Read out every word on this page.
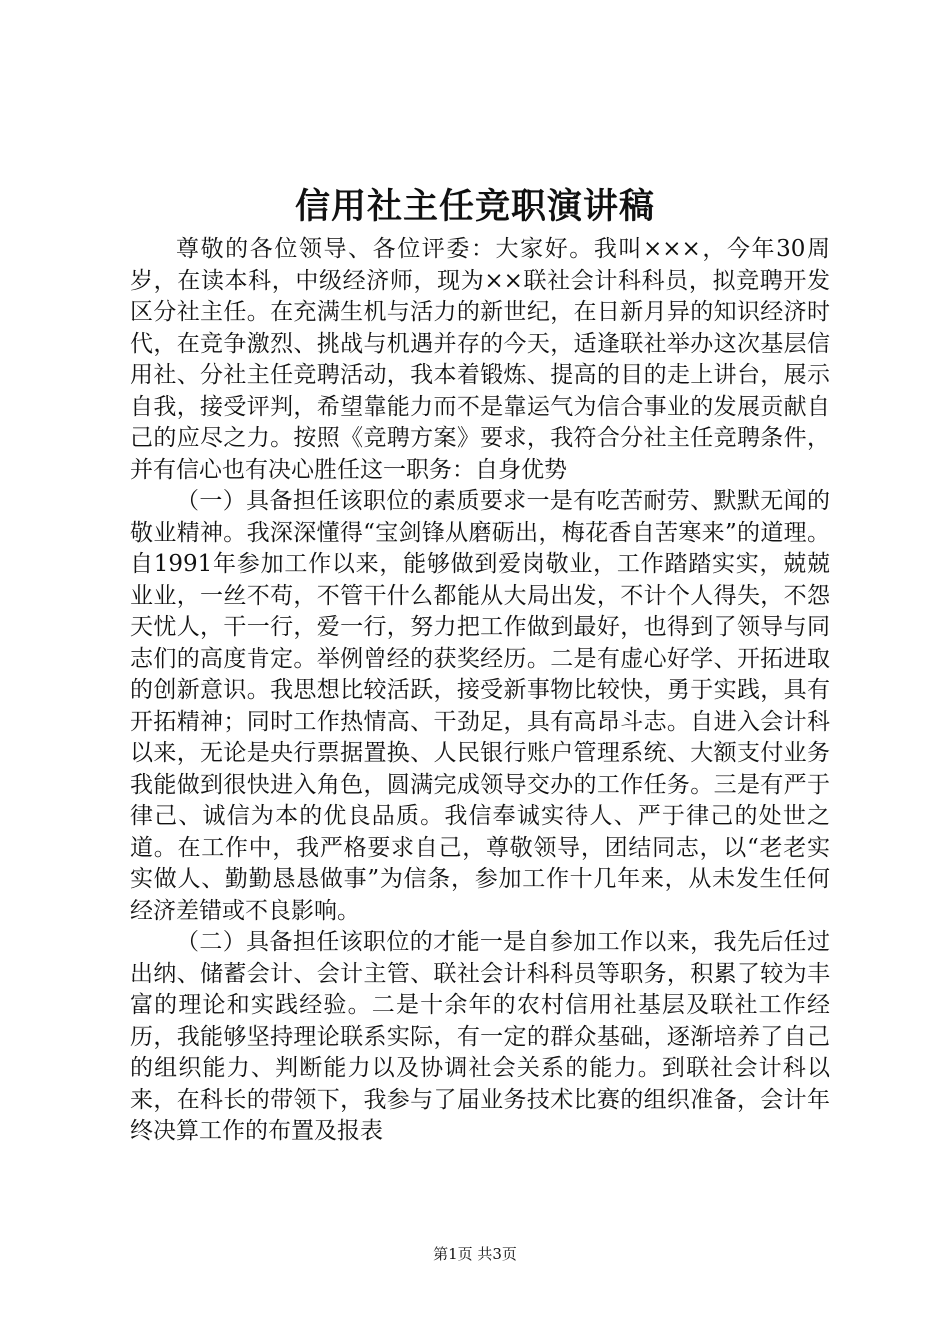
信用社主任竞职演讲稿

尊敬的各位领导、各位评委：大家好。我叫×××，今年30周岁，在读本科，中级经济师，现为××联社会计科科员，拟竞聘开发区分社主任。在充满生机与活力的新世纪，在日新月异的知识经济时代，在竞争激烈、挑战与机遇并存的今天，适逢联社举办这次基层信用社、分社主任竞聘活动，我本着锻炼、提高的目的走上讲台，展示自我，接受评判，希望靠能力而不是靠运气为信合事业的发展贡献自己的应尽之力。按照《竞聘方案》要求，我符合分社主任竞聘条件，并有信心也有决心胜任这一职务：自身优势

（一）具备担任该职位的素质要求一是有吃苦耐劳、默默无闻的敬业精神。我深深懂得“宝剑锋从磨砺出，梅花香自苦寒来”的道理。自1991年参加工作以来，能够做到爱岗敬业，工作踏踏实实，兢兢业业，一丝不苟，不管干什么都能从大局出发，不计个人得失，不怨天忧人，干一行，爱一行，努力把工作做到最好，也得到了领导与同志们的高度肯定。举例曾经的获奖经历。二是有虚心好学、开拓进取的创新意识。我思想比较活跃，接受新事物比较快，勇于实践，具有开拓精神；同时工作热情高、干劲足，具有高昂斗志。自进入会计科以来，无论是央行票据置换、人民银行账户管理系统、大额支付业务我能做到很快进入角色，圆满完成领导交办的工作任务。三是有严于律己、诚信为本的优良品质。我信奉诚实待人、严于律己的处世之道。在工作中，我严格要求自己，尊敬领导，团结同志，以“老老实实做人、勤勤恳恳做事”为信条，参加工作十几年来，从未发生任何经济差错或不良影响。

（二）具备担任该职位的才能一是自参加工作以来，我先后任过出纳、储蓄会计、会计主管、联社会计科科员等职务，积累了较为丰富的理论和实践经验。二是十余年的农村信用社基层及联社工作经历，我能够坚持理论联系实际，有一定的群众基础，逐渐培养了自己的组织能力、判断能力以及协调社会关系的能力。到联社会计科以来，在科长的带领下，我参与了届业务技术比赛的组织准备，会计年终决算工作的布置及报表

第1页 共3页
